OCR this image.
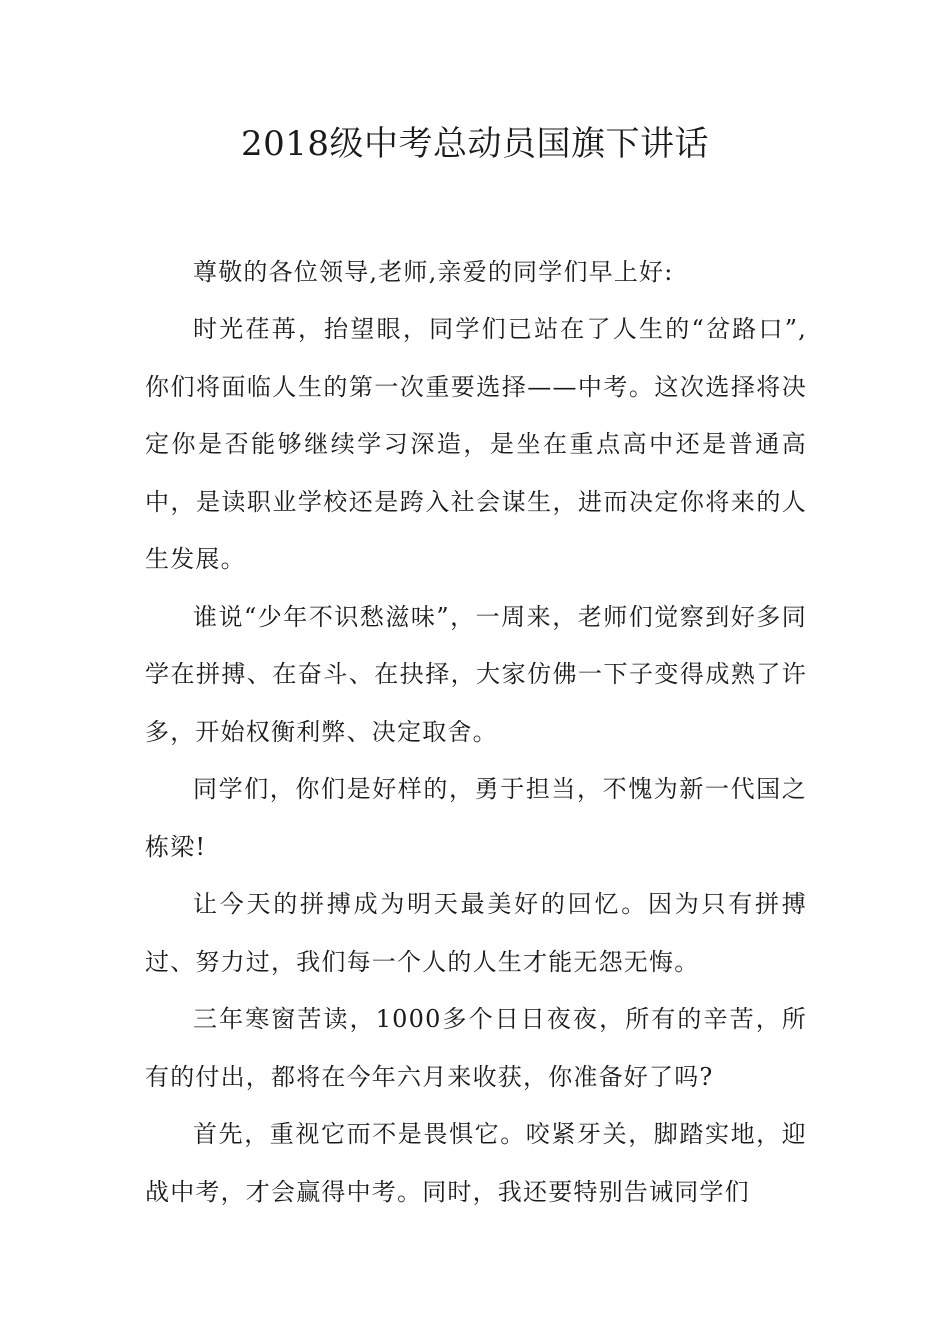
2018级中考总动员国旗下讲话

尊敬的各位领导,老师,亲爱的同学们早上好:

时光荏苒，抬望眼，同学们已站在了人生的“岔路口”,你们将面临人生的第一次重要选择——中考。这次选择将决定你是否能够继续学习深造，是坐在重点高中还是普通高中，是读职业学校还是跨入社会谋生，进而决定你将来的人生发展。

谁说“少年不识愁滋味”，一周来，老师们觉察到好多同学在拼搏、在奋斗、在抉择，大家仿佛一下子变得成熟了许多，开始权衡利弊、决定取舍。

同学们，你们是好样的，勇于担当，不愧为新一代国之栋梁!

让今天的拼搏成为明天最美好的回忆。因为只有拼搏过、努力过，我们每一个人的人生才能无怨无悔。

三年寒窗苦读，1000多个日日夜夜，所有的辛苦，所有的付出，都将在今年六月来收获，你准备好了吗?

首先，重视它而不是畏惧它。咬紧牙关，脚踏实地，迎战中考，才会赢得中考。同时，我还要特别告诫同学们
